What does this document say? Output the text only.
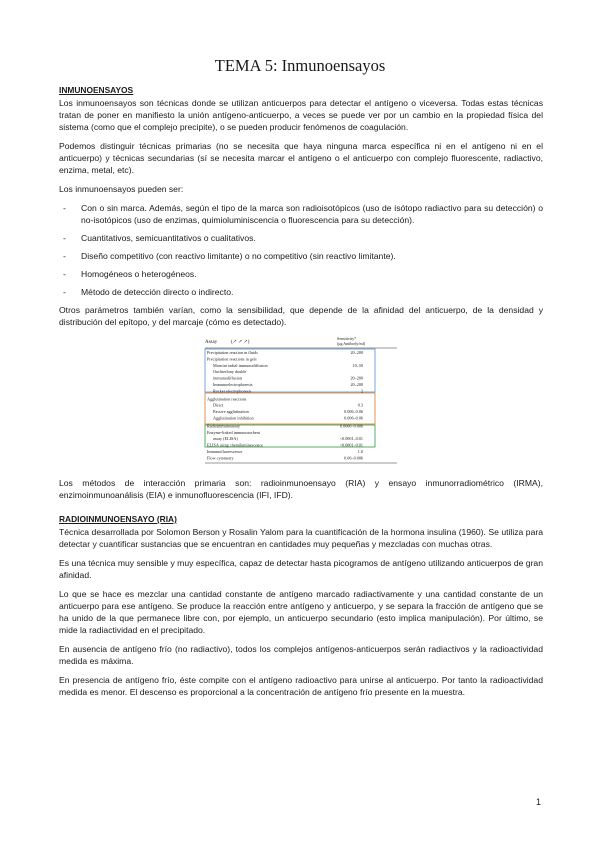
TEMA 5: Inmunoensayos
INMUNOENSAYOS

Los inmunoensayos son técnicas donde se utilizan anticuerpos para detectar el antígeno o viceversa. Todas estas técnicas tratan de poner en manifiesto la unión antígeno-anticuerpo, a veces se puede ver por un cambio en la propiedad física del sistema (como que el complejo precipite), o se pueden producir fenómenos de coagulación.

Podemos distinguir técnicas primarias (no se necesita que haya ninguna marca específica ni en el antígeno ni en el anticuerpo) y técnicas secundarias (sí se necesita marcar el antígeno o el anticuerpo con complejo fluorescente, radiactivo, enzima, metal, etc).

Los inmunoensayos pueden ser:

- Con o sin marca. Además, según el tipo de la marca son radioisotópicos (uso de isótopo radiactivo para su detección) o no-isotópicos (uso de enzimas, quimioluminiscencia o fluorescencia para su detección).
- Cuantitativos, semicuantitativos o cualitativos.
- Diseño competitivo (con reactivo limitante) o no competitivo (sin reactivo limitante).
- Homogéneos o heterogéneos.
- Método de detección directo o indirecto.

Otros parámetros también varían, como la sensibilidad, que depende de la afinidad del anticuerpo, de la densidad y distribución del epítopo, y del marcaje (cómo es detectado).

Assay	(↗ ↗ ↗)
Sensitivity*
(μg Antibody/ml)
Precipitation reaction in fluids	20–200
Precipitation reactions in gels
Mancini radial immunodiffusion	10–50
Ouchterlony double
immunodiffusion	20–200
Immunoelectrophoresis	20–200
Rocket electrophoresis	2
Agglutination reactions
Direct	0.3
Passive agglutination	0.006–0.06
Agglutination inhibition	0.006–0.06
Radioimmunoassay	0.0006–0.006
Enzyme-linked immunosorbent
assay (ELISA)	<0.0001–0.01
ELISA using chemiluminescence	<0.0001–0.01
Immunofluorescence	1.0
Flow cytometry	0.06–0.006

Los métodos de interacción primaria son: radioinmunoensayo (RIA) y ensayo inmunorradiométrico (IRMA), enzimoinmunoanálisis (EIA) e inmunofluorescencia (IFI, IFD).

RADIOINMUNOENSAYO (RIA)

Técnica desarrollada por Solomon Berson y Rosalin Yalom para la cuantificación de la hormona insulina (1960). Se utiliza para detectar y cuantificar sustancias que se encuentran en cantidades muy pequeñas y mezcladas con muchas otras.

Es una técnica muy sensible y muy específica, capaz de detectar hasta picogramos de antígeno utilizando anticuerpos de gran afinidad.

Lo que se hace es mezclar una cantidad constante de antígeno marcado radiactivamente y una cantidad constante de un anticuerpo para ese antígeno. Se produce la reacción entre antígeno y anticuerpo, y se separa la fracción de antígeno que se ha unido de la que permanece libre con, por ejemplo, un anticuerpo secundario (esto implica manipulación). Por último, se mide la radiactividad en el precipitado.

En ausencia de antígeno frío (no radiactivo), todos los complejos antígenos-anticuerpos serán radiactivos y la radioactividad medida es máxima.

En presencia de antígeno frío, éste compite con el antígeno radioactivo para unirse al anticuerpo. Por tanto la radioactividad medida es menor. El descenso es proporcional a la concentración de antígeno frío presente en la muestra.

1
